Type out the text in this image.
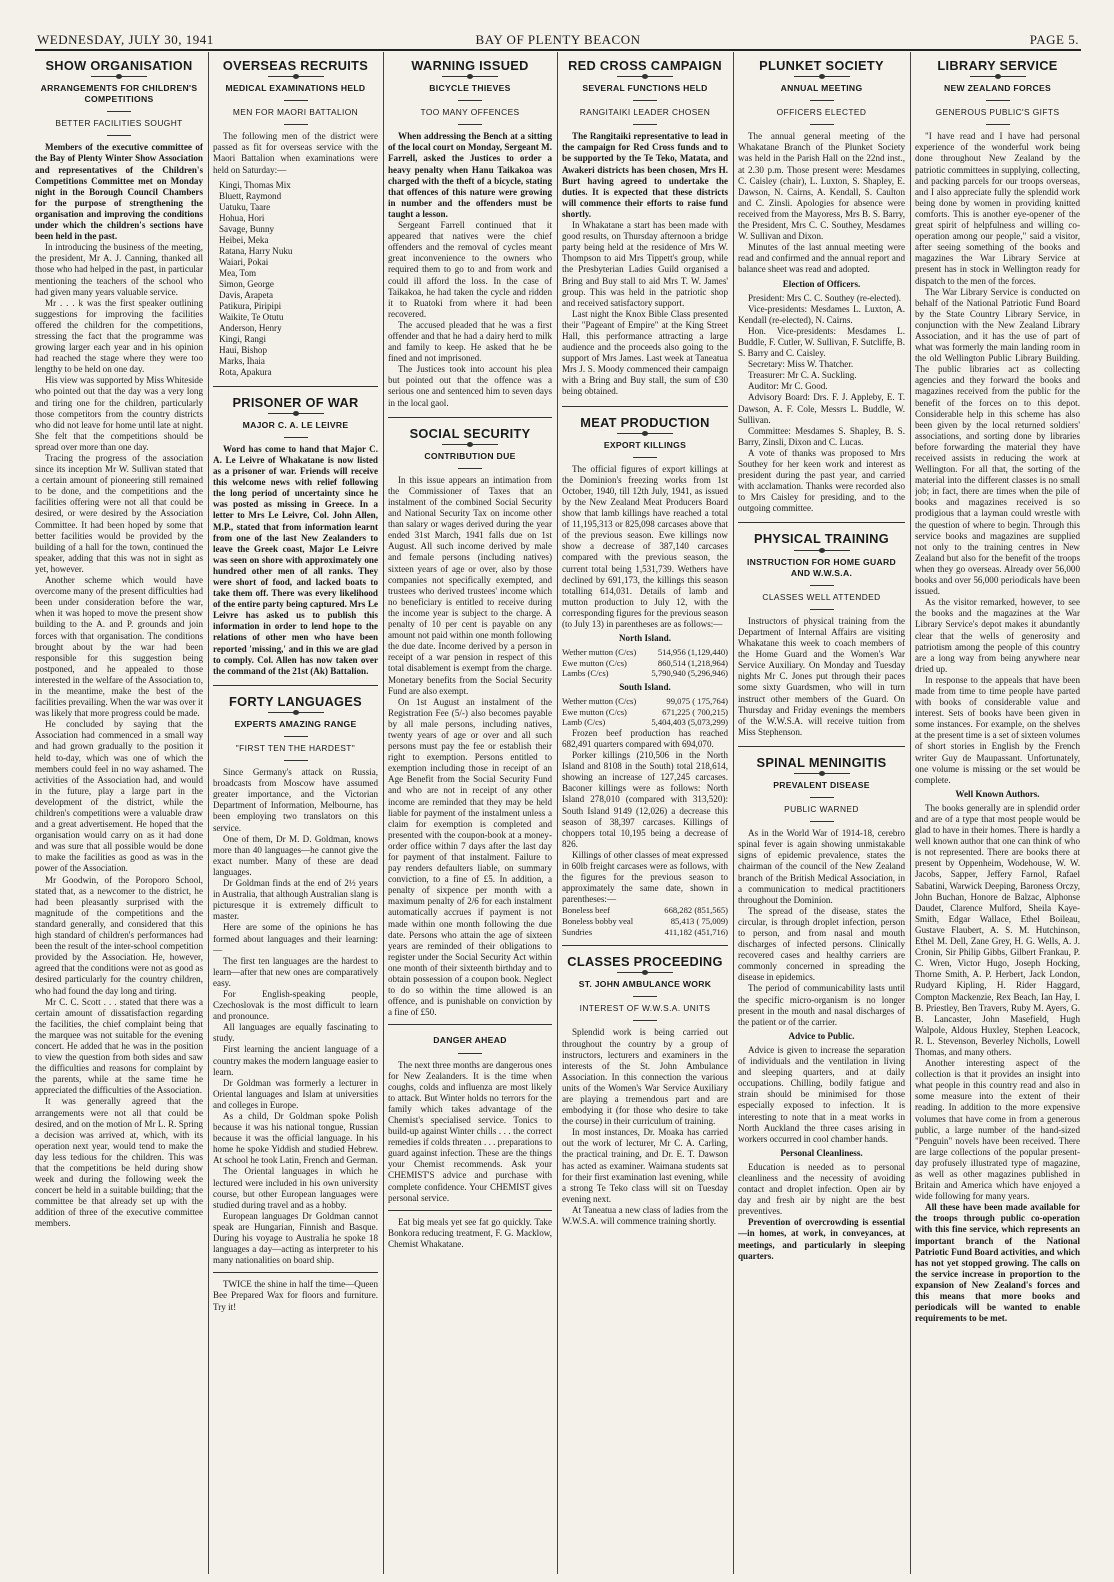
WEDNESDAY, JULY 30, 1941	BAY OF PLENTY BEACON	PAGE 5.
SHOW ORGANISATION
ARRANGEMENTS FOR CHILDREN'S COMPETITIONS
BETTER FACILITIES SOUGHT

Members of the executive committee of the Bay of Plenty Winter Show Association and representatives of the Children's Competitions Committee met on Monday night in the Borough Council Chambers for the purpose of strengthening the organisation and improving the conditions under which the children's sections have been held in the past.

In introducing the business of the meeting, the president, Mr A. J. Canning, thanked all those who had helped in the past, in particular mentioning the teachers of the school who had given many years valuable service.

Mr . . . k was the first speaker outlining suggestions for improving the facilities offered the children for the competitions, stressing the fact that the programme was growing larger each year and in his opinion had reached the stage where they were too lengthy to be held on one day.

His view was supported by Miss Whiteside who pointed out that the day was a very long and tiring one for the children, particularly those competitors from the country districts who did not leave for home until late at night. She felt that the competitions should be spread over more than one day.

Tracing the progress of the association since its inception Mr W. Sullivan stated that a certain amount of pioneering still remained to be done, and the competitions and the facilities offering were not all that could be desired, or were desired by the Association Committee. It had been hoped by some that better facilities would be provided by the building of a hall for the town, continued the speaker, adding that this was not in sight as yet, however.

Another scheme which would have overcome many of the present difficulties had been under consideration before the war, when it was hoped to move the present show building to the A. and P. grounds and join forces with that organisation. The conditions brought about by the war had been responsible for this suggestion being postponed, and he appealed to those interested in the welfare of the Association to, in the meantime, make the best of the facilities prevailing. When the war was over it was likely that more progress could be made.

He concluded by saying that the Association had commenced in a small way and had grown gradually to the position it held to-day, which was one of which the members could feel in no way ashamed. The activities of the Association had, and would in the future, play a large part in the development of the district, while the children's competitions were a valuable draw and a great advertisement. He hoped that the organisation would carry on as it had done and was sure that all possible would be done to make the facilities as good as was in the power of the Association.

Mr Goodwin, of the Poroporo School, stated that, as a newcomer to the district, he had been pleasantly surprised with the magnitude of the competitions and the standard generally, and considered that this high standard of children's performances had been the result of the inter-school competition provided by the Association. He, however, agreed that the conditions were not as good as desired particularly for the country children, who had found the day long and tiring.

Mr C. C. Scott . . . stated that there was a certain amount of dissatisfaction regarding the facilities, the chief complaint being that the marquee was not suitable for the evening concert. He added that he was in the position to view the question from both sides and saw the difficulties and reasons for complaint by the parents, while at the same time he appreciated the difficulties of the Association.

It was generally agreed that the arrangements were not all that could be desired, and on the motion of Mr L. R. Spring a decision was arrived at, which, with its operation next year, would tend to make the day less tedious for the children. This was that the competitions be held during show week and during the following week the concert be held in a suitable building; that the committee be that already set up with the addition of three of the executive committee members.

OVERSEAS RECRUITS
MEDICAL EXAMINATIONS HELD
MEN FOR MAORI BATTALION

The following men of the district were passed as fit for overseas service with the Maori Battalion when examinations were held on Saturday:—

Kingi, Thomas Mix
Bluett, Raymond
Uatuku, Taare
Hohua, Hori
Savage, Bunny
Heibei, Meka
Ratana, Harry Nuku
Waiari, Pokai
Mea, Tom
Simon, George
Davis, Arapeta
Patikura, Piripipi
Waikite, Te Otutu
Anderson, Henry
Kingi, Rangi
Haui, Bishop
Marks, Ihaia
Rota, Apakura
PRISONER OF WAR
MAJOR C. A. LE LEIVRE

Word has come to hand that Major C. A. Le Leivre of Whakatane is now listed as a prisoner of war. Friends will receive this welcome news with relief following the long period of uncertainty since he was posted as missing in Greece. In a letter to Mrs Le Leivre, Col. John Allen, M.P., stated that from information learnt from one of the last New Zealanders to leave the Greek coast, Major Le Leivre was seen on shore with approximately one hundred other men of all ranks. They were short of food, and lacked boats to take them off. There was every likelihood of the entire party being captured. Mrs Le Leivre has asked us to publish this information in order to lend hope to the relations of other men who have been reported 'missing,' and in this we are glad to comply. Col. Allen has now taken over the command of the 21st (Ak) Battalion.

FORTY LANGUAGES
EXPERTS AMAZING RANGE
"FIRST TEN THE HARDEST"

Since Germany's attack on Russia, broadcasts from Moscow have assumed greater importance, and the Victorian Department of Information, Melbourne, has been employing two translators on this service.

One of them, Dr M. D. Goldman, knows more than 40 languages—he cannot give the exact number. Many of these are dead languages.

Dr Goldman finds at the end of 2½ years in Australia, that although Australian slang is picturesque it is extremely difficult to master.

Here are some of the opinions he has formed about languages and their learning:—

The first ten languages are the hardest to learn—after that new ones are comparatively easy.

For English-speaking people, Czechoslovak is the most difficult to learn and pronounce.

All languages are equally fascinating to study.

First learning the ancient language of a country makes the modern language easier to learn.

Dr Goldman was formerly a lecturer in Oriental languages and Islam at universities and colleges in Europe.

As a child, Dr Goldman spoke Polish because it was his national tongue, Russian because it was the official language. In his home he spoke Yiddish and studied Hebrew. At school he took Latin, French and German.

The Oriental languages in which he lectured were included in his own university course, but other European languages were studied during travel and as a hobby.

European languages Dr Goldman cannot speak are Hungarian, Finnish and Basque. During his voyage to Australia he spoke 18 languages a day—acting as interpreter to his many nationalities on board ship.

TWICE the shine in half the time—Queen Bee Prepared Wax for floors and furniture. Try it!

WARNING ISSUED
BICYCLE THIEVES
TOO MANY OFFENCES

When addressing the Bench at a sitting of the local court on Monday, Sergeant M. Farrell, asked the Justices to order a heavy penalty when Hanu Taikakoa was charged with the theft of a bicycle, stating that offences of this nature were growing in number and the offenders must be taught a lesson.

Sergeant Farrell continued that it appeared that natives were the chief offenders and the removal of cycles meant great inconvenience to the owners who required them to go to and from work and could ill afford the loss. In the case of Taikakoa, he had taken the cycle and ridden it to Ruatoki from where it had been recovered.

The accused pleaded that he was a first offender and that he had a dairy herd to milk and family to keep. He asked that he be fined and not imprisoned.

The Justices took into account his plea but pointed out that the offence was a serious one and sentenced him to seven days in the local gaol.

SOCIAL SECURITY
CONTRIBUTION DUE

In this issue appears an intimation from the Commissioner of Taxes that an instalment of the combined Social Security and National Security Tax on income other than salary or wages derived during the year ended 31st March, 1941 falls due on 1st August. All such income derived by male and female persons (including natives) sixteen years of age or over, also by those companies not specifically exempted, and trustees who derived trustees' income which no beneficiary is entitled to receive during the income year is subject to the charge. A penalty of 10 per cent is payable on any amount not paid within one month following the due date. Income derived by a person in receipt of a war pension in respect of this total disablement is exempt from the charge. Monetary benefits from the Social Security Fund are also exempt.

On 1st August an instalment of the Registration Fee (5/-) also becomes payable by all male persons, including natives, twenty years of age or over and all such persons must pay the fee or establish their right to exemption. Persons entitled to exemption including those in receipt of an Age Benefit from the Social Security Fund and who are not in receipt of any other income are reminded that they may be held liable for payment of the instalment unless a claim for exemption is completed and presented with the coupon-book at a money-order office within 7 days after the last day for payment of that instalment. Failure to pay renders defaulters liable, on summary conviction, to a fine of £5. In addition, a penalty of sixpence per month with a maximum penalty of 2/6 for each instalment automatically accrues if payment is not made within one month following the due date. Persons who attain the age of sixteen years are reminded of their obligations to register under the Social Security Act within one month of their sixteenth birthday and to obtain possession of a coupon book. Neglect to do so within the time allowed is an offence, and is punishable on conviction by a fine of £50.

DANGER AHEAD

The next three months are dangerous ones for New Zealanders. It is the time when coughs, colds and influenza are most likely to attack. But Winter holds no terrors for the family which takes advantage of the Chemist's specialised service. Tonics to build-up against Winter chills . . . the correct remedies if colds threaten . . . preparations to guard against infection. These are the things your Chemist recommends. Ask your CHEMIST'S advice and purchase with complete confidence. Your CHEMIST gives personal service.

Eat big meals yet see fat go quickly. Take Bonkora reducing treatment, F. G. Macklow, Chemist Whakatane.

RED CROSS CAMPAIGN
SEVERAL FUNCTIONS HELD
RANGITAIKI LEADER CHOSEN

The Rangitaiki representative to lead in the campaign for Red Cross funds and to be supported by the Te Teko, Matata, and Awakeri districts has been chosen, Mrs H. Burt having agreed to undertake the duties. It is expected that these districts will commence their efforts to raise fund shortly.

In Whakatane a start has been made with good results, on Thursday afternoon a bridge party being held at the residence of Mrs W. Thompson to aid Mrs Tippett's group, while the Presbyterian Ladies Guild organised a Bring and Buy stall to aid Mrs T. W. James' group. This was held in the patriotic shop and received satisfactory support.

Last night the Knox Bible Class presented their "Pageant of Empire" at the King Street Hall, this performance attracting a large audience and the proceeds also going to the support of Mrs James. Last week at Taneatua Mrs J. S. Moody commenced their campaign with a Bring and Buy stall, the sum of £30 being obtained.

MEAT PRODUCTION
EXPORT KILLINGS

The official figures of export killings at the Dominion's freezing works from 1st October, 1940, till 12th July, 1941, as issued by the New Zealand Meat Producers Board show that lamb killings have reached a total of 11,195,313 or 825,098 carcases above that of the previous season. Ewe killings now show a decrease of 387,140 carcases compared with the previous season, the current total being 1,531,739. Wethers have declined by 691,173, the killings this season totalling 614,031. Details of lamb and mutton production to July 12, with the corresponding figures for the previous season (to July 13) in parentheses are as follows:—

North Island.
Wether mutton (C/cs)	514,956 (1,129,440)
Ewe mutton (C/cs)	860,514 (1,218,964)
Lambs (C/cs)	5,790,940 (5,296,946)
South Island.
Wether mutton (C/cs)	99,075 ( 175,764)
Ewe mutton (C/cs)	671,225 ( 700,215)
Lamb (C/cs)	5,404,403 (5,073,299)

Frozen beef production has reached 682,491 quarters compared with 694,070.

Porker killings (210,506 in the North Island and 8108 in the South) total 218,614, showing an increase of 127,245 carcases. Baconer killings were as follows: North Island 278,010 (compared with 313,520): South Island 9149 (12,026) a decrease this season of 38,397 carcases. Killings of choppers total 10,195 being a decrease of 826.

Killings of other classes of meat expressed in 60lb freight carcases were as follows, with the figures for the previous season to approximately the same date, shown in parentheses:—

Boneless beef	668,282 (851,565)
Boneless bobby veal	85,413 ( 75,009)
Sundries	411,182 (451,716)
CLASSES PROCEEDING
ST. JOHN AMBULANCE WORK
INTEREST OF W.W.S.A. UNITS

Splendid work is being carried out throughout the country by a group of instructors, lecturers and examiners in the interests of the St. John Ambulance Association. In this connection the various units of the Women's War Service Auxiliary are playing a tremendous part and are embodying it (for those who desire to take the course) in their curriculum of training.

In most instances, Dr. Moaka has carried out the work of lecturer, Mr C. A. Carling, the practical training, and Dr. E. T. Dawson has acted as examiner. Waimana students sat for their first examination last evening, while a strong Te Teko class will sit on Tuesday evening next.

At Taneatua a new class of ladies from the W.W.S.A. will commence training shortly.

PLUNKET SOCIETY
ANNUAL MEETING
OFFICERS ELECTED

The annual general meeting of the Whakatane Branch of the Plunket Society was held in the Parish Hall on the 22nd inst., at 2.30 p.m. Those present were: Mesdames C. Caisley (chair), L. Luxton, S. Shapley, E. Dawson, N. Cairns, A. Kendall, S. Caulton and C. Zinsli. Apologies for absence were received from the Mayoress, Mrs B. S. Barry, the President, Mrs C. C. Southey, Mesdames W. Sullivan and Dixon.

Minutes of the last annual meeting were read and confirmed and the annual report and balance sheet was read and adopted.

Election of Officers.

President: Mrs C. C. Southey (re-elected).

Vice-presidents: Mesdames L. Luxton, A. Kendall (re-elected), N. Cairns.

Hon. Vice-presidents: Mesdames L. Buddle, F. Cutler, W. Sullivan, F. Sutcliffe, B. S. Barry and C. Caisley.

Secretary: Miss W. Thatcher.

Treasurer: Mr C. A. Suckling.

Auditor: Mr C. Good.

Advisory Board: Drs. F. J. Appleby, E. T. Dawson, A. F. Cole, Messrs L. Buddle, W. Sullivan.

Committee: Mesdames S. Shapley, B. S. Barry, Zinsli, Dixon and C. Lucas.

A vote of thanks was proposed to Mrs Southey for her keen work and interest as president during the past year, and carried with acclamation. Thanks were recorded also to Mrs Caisley for presiding, and to the outgoing committee.

PHYSICAL TRAINING
INSTRUCTION FOR HOME GUARD AND W.W.S.A.
CLASSES WELL ATTENDED

Instructors of physical training from the Department of Internal Affairs are visiting Whakatane this week to coach members of the Home Guard and the Women's War Service Auxiliary. On Monday and Tuesday nights Mr C. Jones put through their paces some sixty Guardsmen, who will in turn instruct other members of the Guard. On Thursday and Friday evenings the members of the W.W.S.A. will receive tuition from Miss Stephenson.

SPINAL MENINGITIS
PREVALENT DISEASE
PUBLIC WARNED

As in the World War of 1914-18, cerebro spinal fever is again showing unmistakable signs of epidemic prevalence, states the chairman of the council of the New Zealand branch of the British Medical Association, in a communication to medical practitioners throughout the Dominion.

The spread of the disease, states the circular, is through droplet infection, person to person, and from nasal and mouth discharges of infected persons. Clinically recovered cases and healthy carriers are commonly concerned in spreading the disease in epidemics.

The period of communicability lasts until the specific micro-organism is no longer present in the mouth and nasal discharges of the patient or of the carrier.

Advice to Public.

Advice is given to increase the separation of individuals and the ventilation in living and sleeping quarters, and at daily occupations. Chilling, bodily fatigue and strain should be minimised for those especially exposed to infection. It is interesting to note that in a meat works in North Auckland the three cases arising in workers occurred in cool chamber hands.

Personal Cleanliness.

Education is needed as to personal cleanliness and the necessity of avoiding contact and droplet infection. Open air by day and fresh air by night are the best preventives.

Prevention of overcrowding is essential—in homes, at work, in conveyances, at meetings, and particularly in sleeping quarters.

LIBRARY SERVICE
NEW ZEALAND FORCES
GENEROUS PUBLIC'S GIFTS

"I have read and I have had personal experience of the wonderful work being done throughout New Zealand by the patriotic committees in supplying, collecting, and packing parcels for our troops overseas, and I also appreciate fully the splendid work being done by women in providing knitted comforts. This is another eye-opener of the great spirit of helpfulness and willing co-operation among our people," said a visitor, after seeing something of the books and magazines the War Library Service at present has in stock in Wellington ready for dispatch to the men of the forces.

The War Library Service is conducted on behalf of the National Patriotic Fund Board by the State Country Library Service, in conjunction with the New Zealand Library Association, and it has the use of part of what was formerly the main landing room in the old Wellington Public Library Building. The public libraries act as collecting agencies and they forward the books and magazines received from the public for the benefit of the forces on to this depot. Considerable help in this scheme has also been given by the local returned soldiers' associations, and sorting done by libraries before forwarding the material they have received assists in reducing the work at Wellington. For all that, the sorting of the material into the different classes is no small job; in fact, there are times when the pile of books and magazines received is so prodigious that a layman could wrestle with the question of where to begin. Through this service books and magazines are supplied not only to the training centres in New Zealand but also for the benefit of the troops when they go overseas. Already over 56,000 books and over 56,000 periodicals have been issued.

As the visitor remarked, however, to see the books and the magazines at the War Library Service's depot makes it abundantly clear that the wells of generosity and patriotism among the people of this country are a long way from being anywhere near dried up.

In response to the appeals that have been made from time to time people have parted with books of considerable value and interest. Sets of books have been given in some instances. For example, on the shelves at the present time is a set of sixteen volumes of short stories in English by the French writer Guy de Maupassant. Unfortunately, one volume is missing or the set would be complete.

Well Known Authors.

The books generally are in splendid order and are of a type that most people would be glad to have in their homes. There is hardly a well known author that one can think of who is not represented. There are books there at present by Oppenheim, Wodehouse, W. W. Jacobs, Sapper, Jeffery Farnol, Rafael Sabatini, Warwick Deeping, Baroness Orczy, John Buchan, Honore de Balzac, Alphonse Daudet, Clarence Mulford, Sheila Kaye-Smith, Edgar Wallace, Ethel Boileau, Gustave Flaubert, A. S. M. Hutchinson, Ethel M. Dell, Zane Grey, H. G. Wells, A. J. Cronin, Sir Philip Gibbs, Gilbert Frankau, P. C. Wren, Victor Hugo, Joseph Hocking, Thorne Smith, A. P. Herbert, Jack London, Rudyard Kipling, H. Rider Haggard, Compton Mackenzie, Rex Beach, Ian Hay, I. B. Priestley, Ben Travers, Ruby M. Ayers, G. B. Lancaster, John Masefield, Hugh Walpole, Aldous Huxley, Stephen Leacock, R. L. Stevenson, Beverley Nicholls, Lowell Thomas, and many others.

Another interesting aspect of the collection is that it provides an insight into what people in this country read and also in some measure into the extent of their reading. In addition to the more expensive volumes that have come in from a generous public, a large number of the hand-sized "Penguin" novels have been received. There are large collections of the popular present-day profusely illustrated type of magazine, as well as other magazines published in Britain and America which have enjoyed a wide following for many years.

All these have been made available for the troops through public co-operation with this fine service, which represents an important branch of the National Patriotic Fund Board activities, and which has not yet stopped growing. The calls on the service increase in proportion to the expansion of New Zealand's forces and this means that more books and periodicals will be wanted to enable requirements to be met.
